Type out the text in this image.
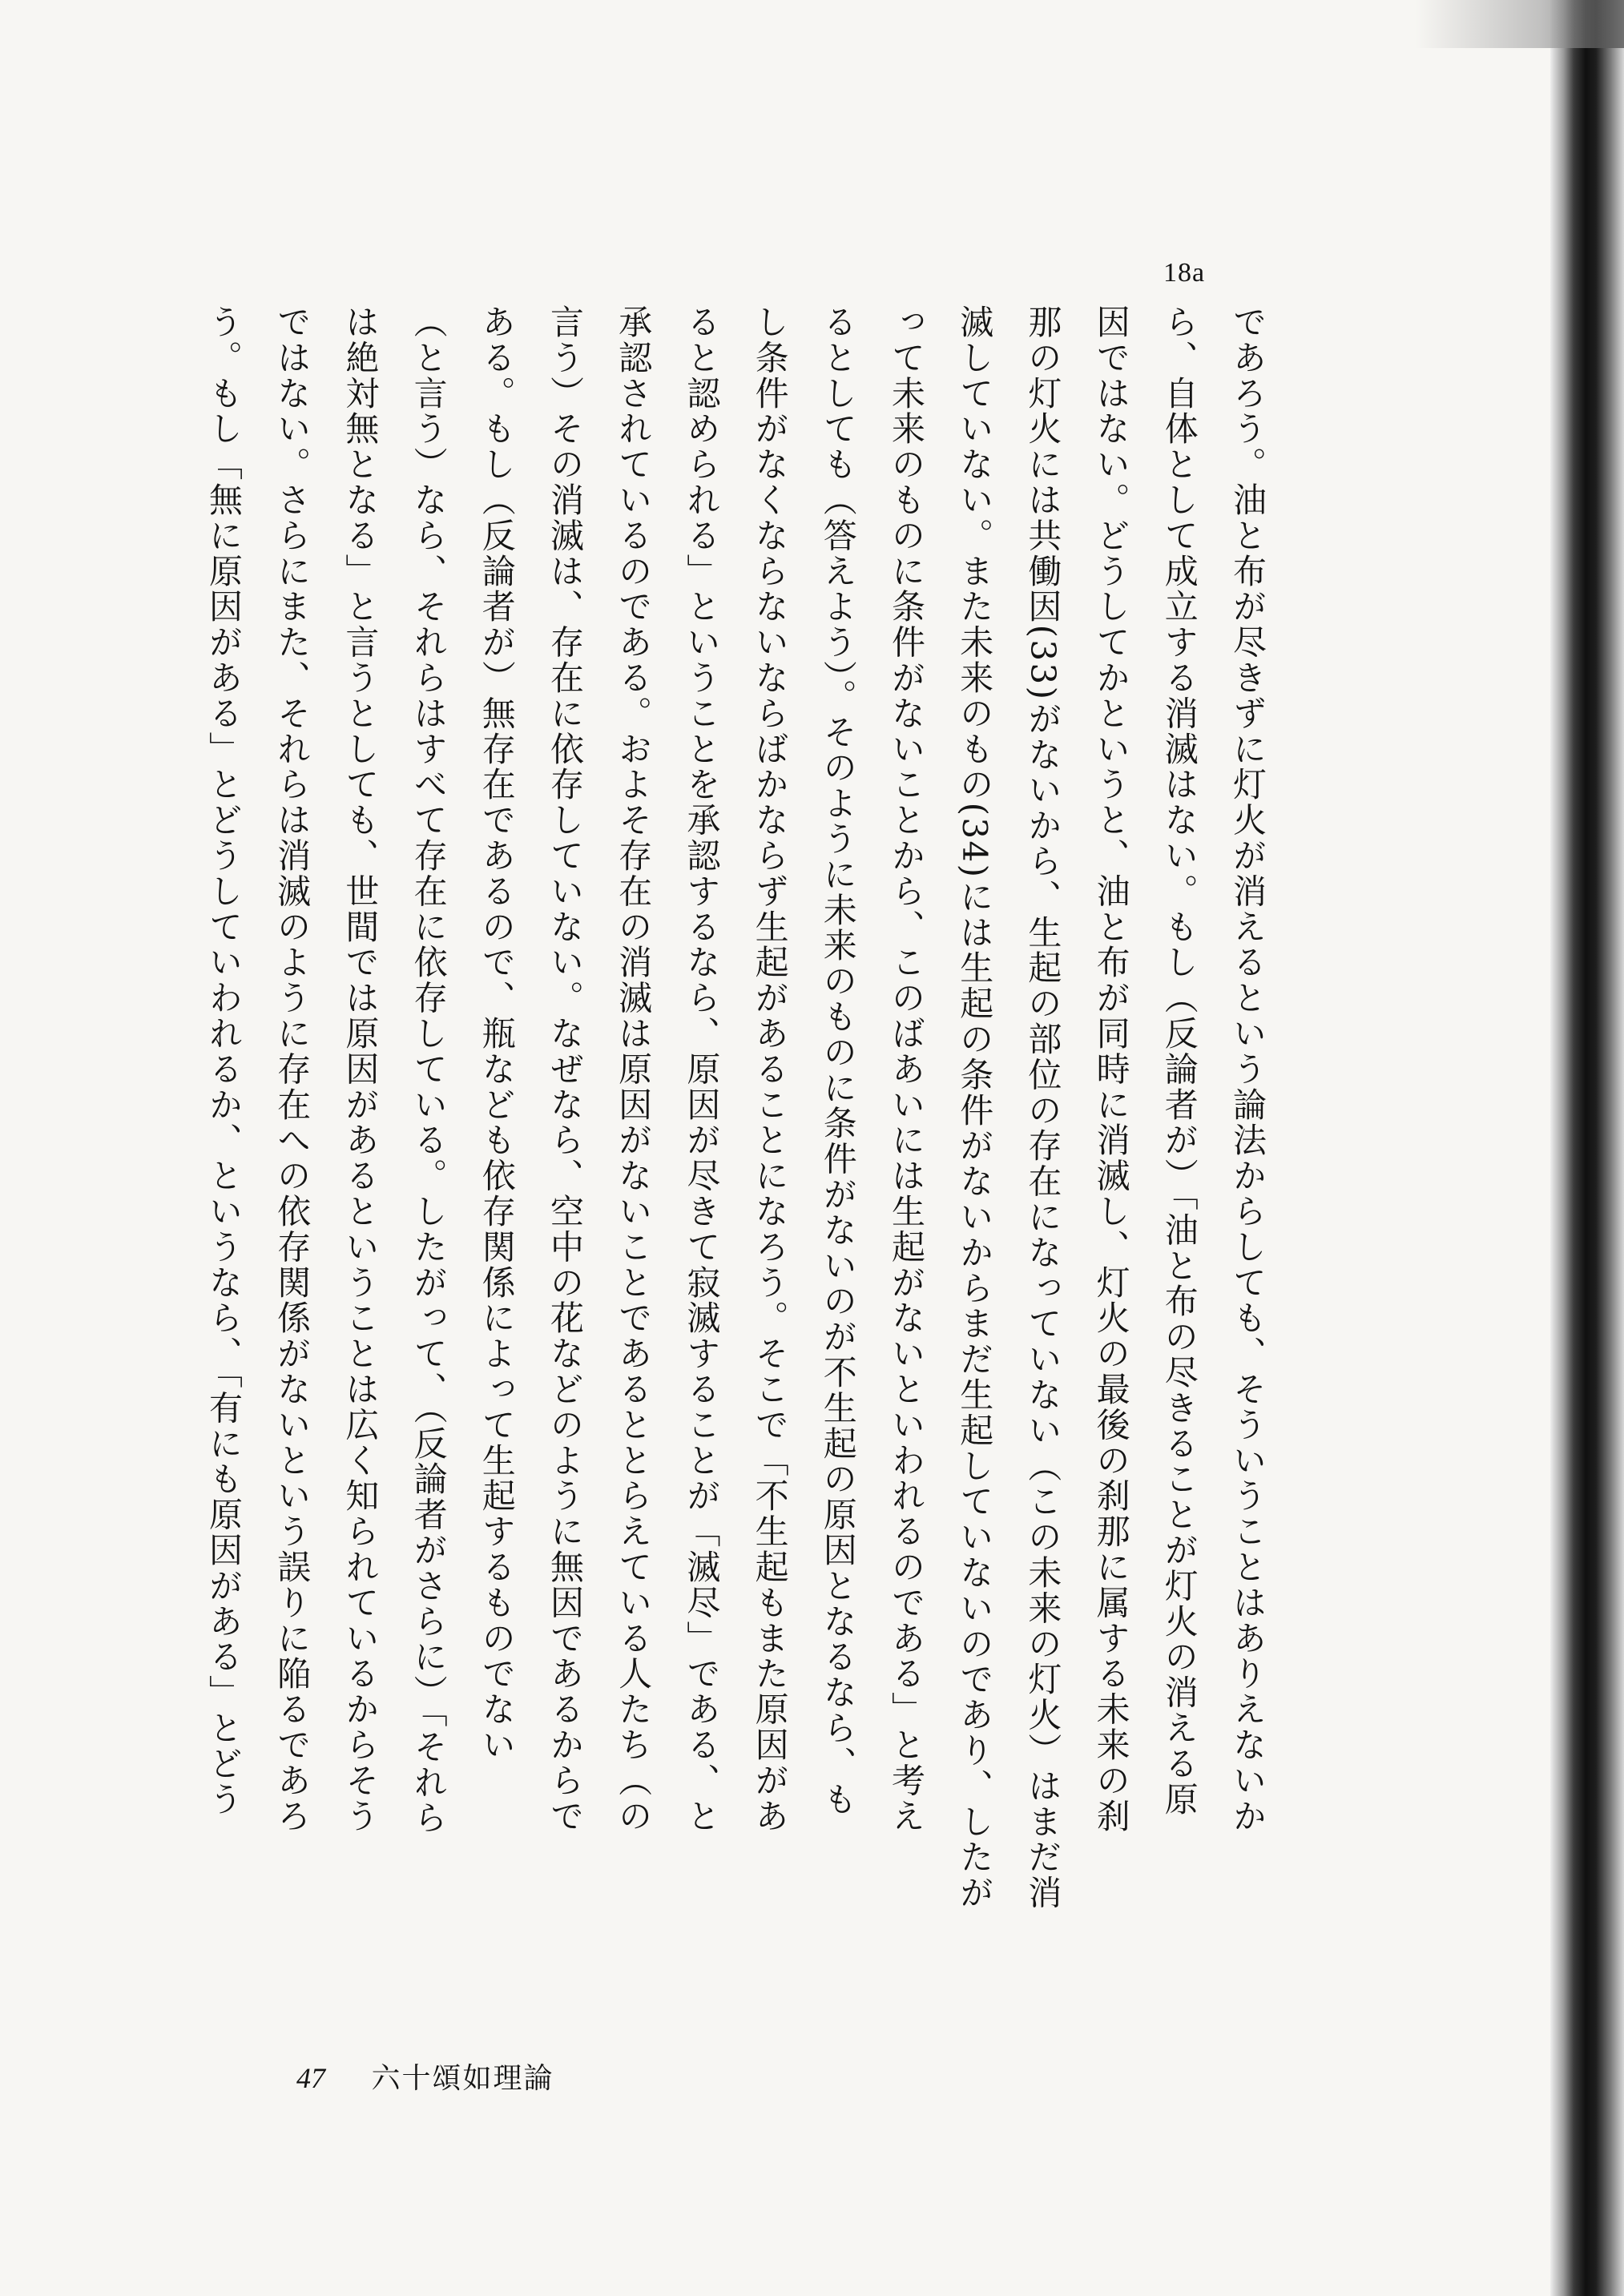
18a
であろう。油と布が尽きずに灯火が消えるという論法からしても、そういうことはありえないか
ら、自体として成立する消滅はない。もし（反論者が）「油と布の尽きることが灯火の消える原
因ではない。どうしてかというと、油と布が同時に消滅し、灯火の最後の刹那に属する未来の刹
那の灯火には共働因(33)がないから、生起の部位の存在になっていない（この未来の灯火）はまだ消
滅していない。また未来のもの(34)には生起の条件がないからまだ生起していないのであり、したが
って未来のものに条件がないことから、このばあいには生起がないといわれるのである」と考え
るとしても（答えよう）。そのように未来のものに条件がないのが不生起の原因となるなら、も
し条件がなくならないならばかならず生起があることになろう。そこで「不生起もまた原因があ
ると認められる」ということを承認するなら、原因が尽きて寂滅することが「滅尽」である、と
承認されているのである。およそ存在の消滅は原因がないことであるととらえている人たち（の
言う）その消滅は、存在に依存していない。なぜなら、空中の花などのように無因であるからで
ある。もし（反論者が）無存在であるので、瓶なども依存関係によって生起するものでない
（と言う）なら、それらはすべて存在に依存している。したがって、（反論者がさらに）「それら
は絶対無となる」と言うとしても、世間では原因があるということは広く知られているからそう
ではない。さらにまた、それらは消滅のように存在への依存関係がないという誤りに陥るであろ
う。もし「無に原因がある」とどうしていわれるか、というなら、「有にも原因がある」とどう
47 六十頌如理論
